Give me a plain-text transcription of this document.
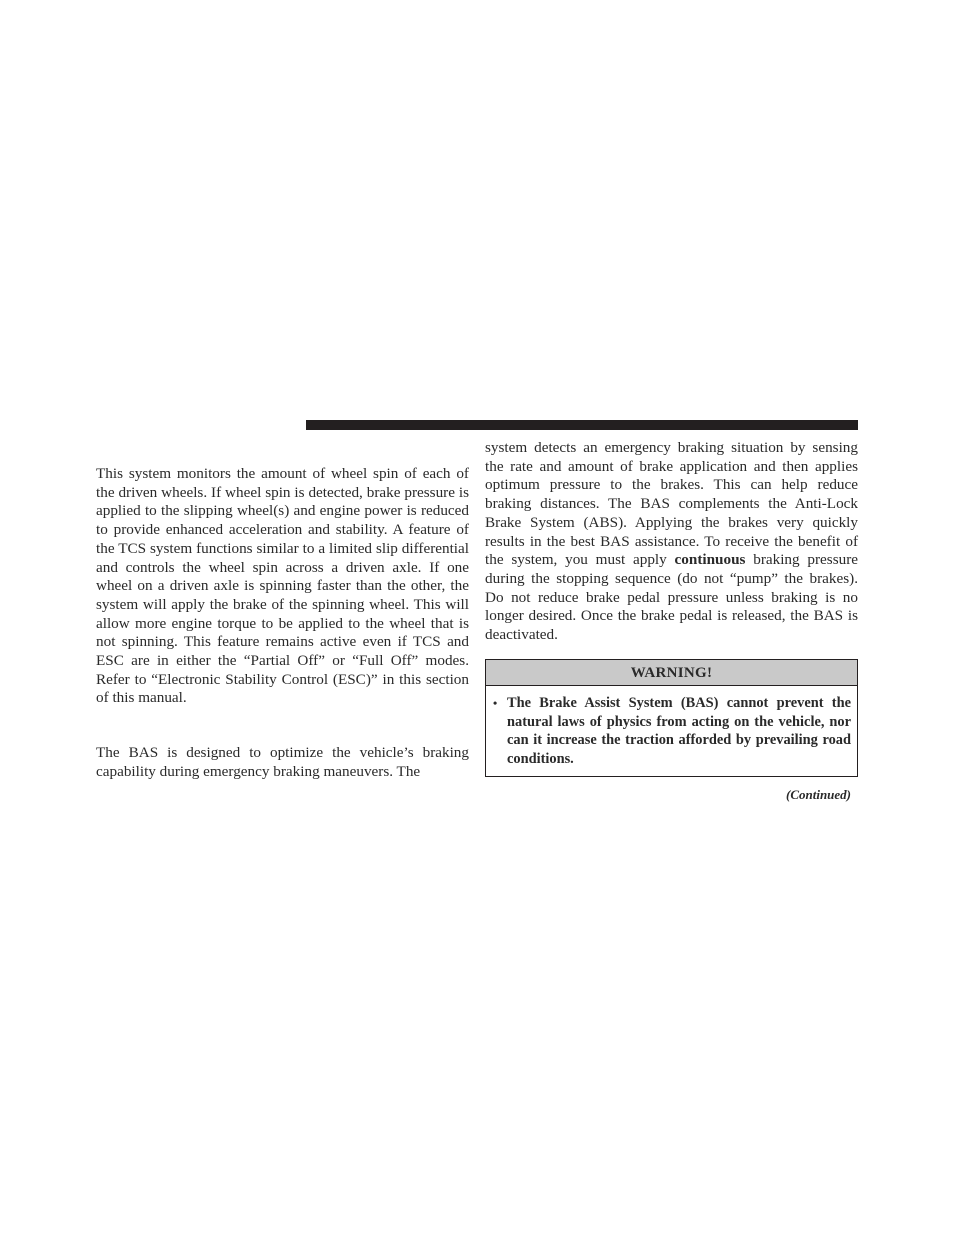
This system monitors the amount of wheel spin of each of the driven wheels. If wheel spin is detected, brake pressure is applied to the slipping wheel(s) and engine power is reduced to provide enhanced acceleration and stability. A feature of the TCS system functions similar to a limited slip differential and controls the wheel spin across a driven axle. If one wheel on a driven axle is spinning faster than the other, the system will apply the brake of the spinning wheel. This will allow more engine torque to be applied to the wheel that is not spinning. This feature remains active even if TCS and ESC are in either the “Partial Off” or “Full Off” modes. Refer to “Electronic Stability Control (ESC)” in this section of this manual.

The BAS is designed to optimize the vehicle’s braking capability during emergency braking maneuvers. The

system detects an emergency braking situation by sensing the rate and amount of brake application and then applies optimum pressure to the brakes. This can help reduce braking distances. The BAS complements the Anti-Lock Brake System (ABS). Applying the brakes very quickly results in the best BAS assistance. To receive the benefit of the system, you must apply continuous braking pressure during the stopping sequence (do not “pump” the brakes). Do not reduce brake pedal pressure unless braking is no longer desired. Once the brake pedal is released, the BAS is deactivated.

WARNING!
• The Brake Assist System (BAS) cannot prevent the natural laws of physics from acting on the vehicle, nor can it increase the traction afforded by prevailing road conditions.
(Continued)
